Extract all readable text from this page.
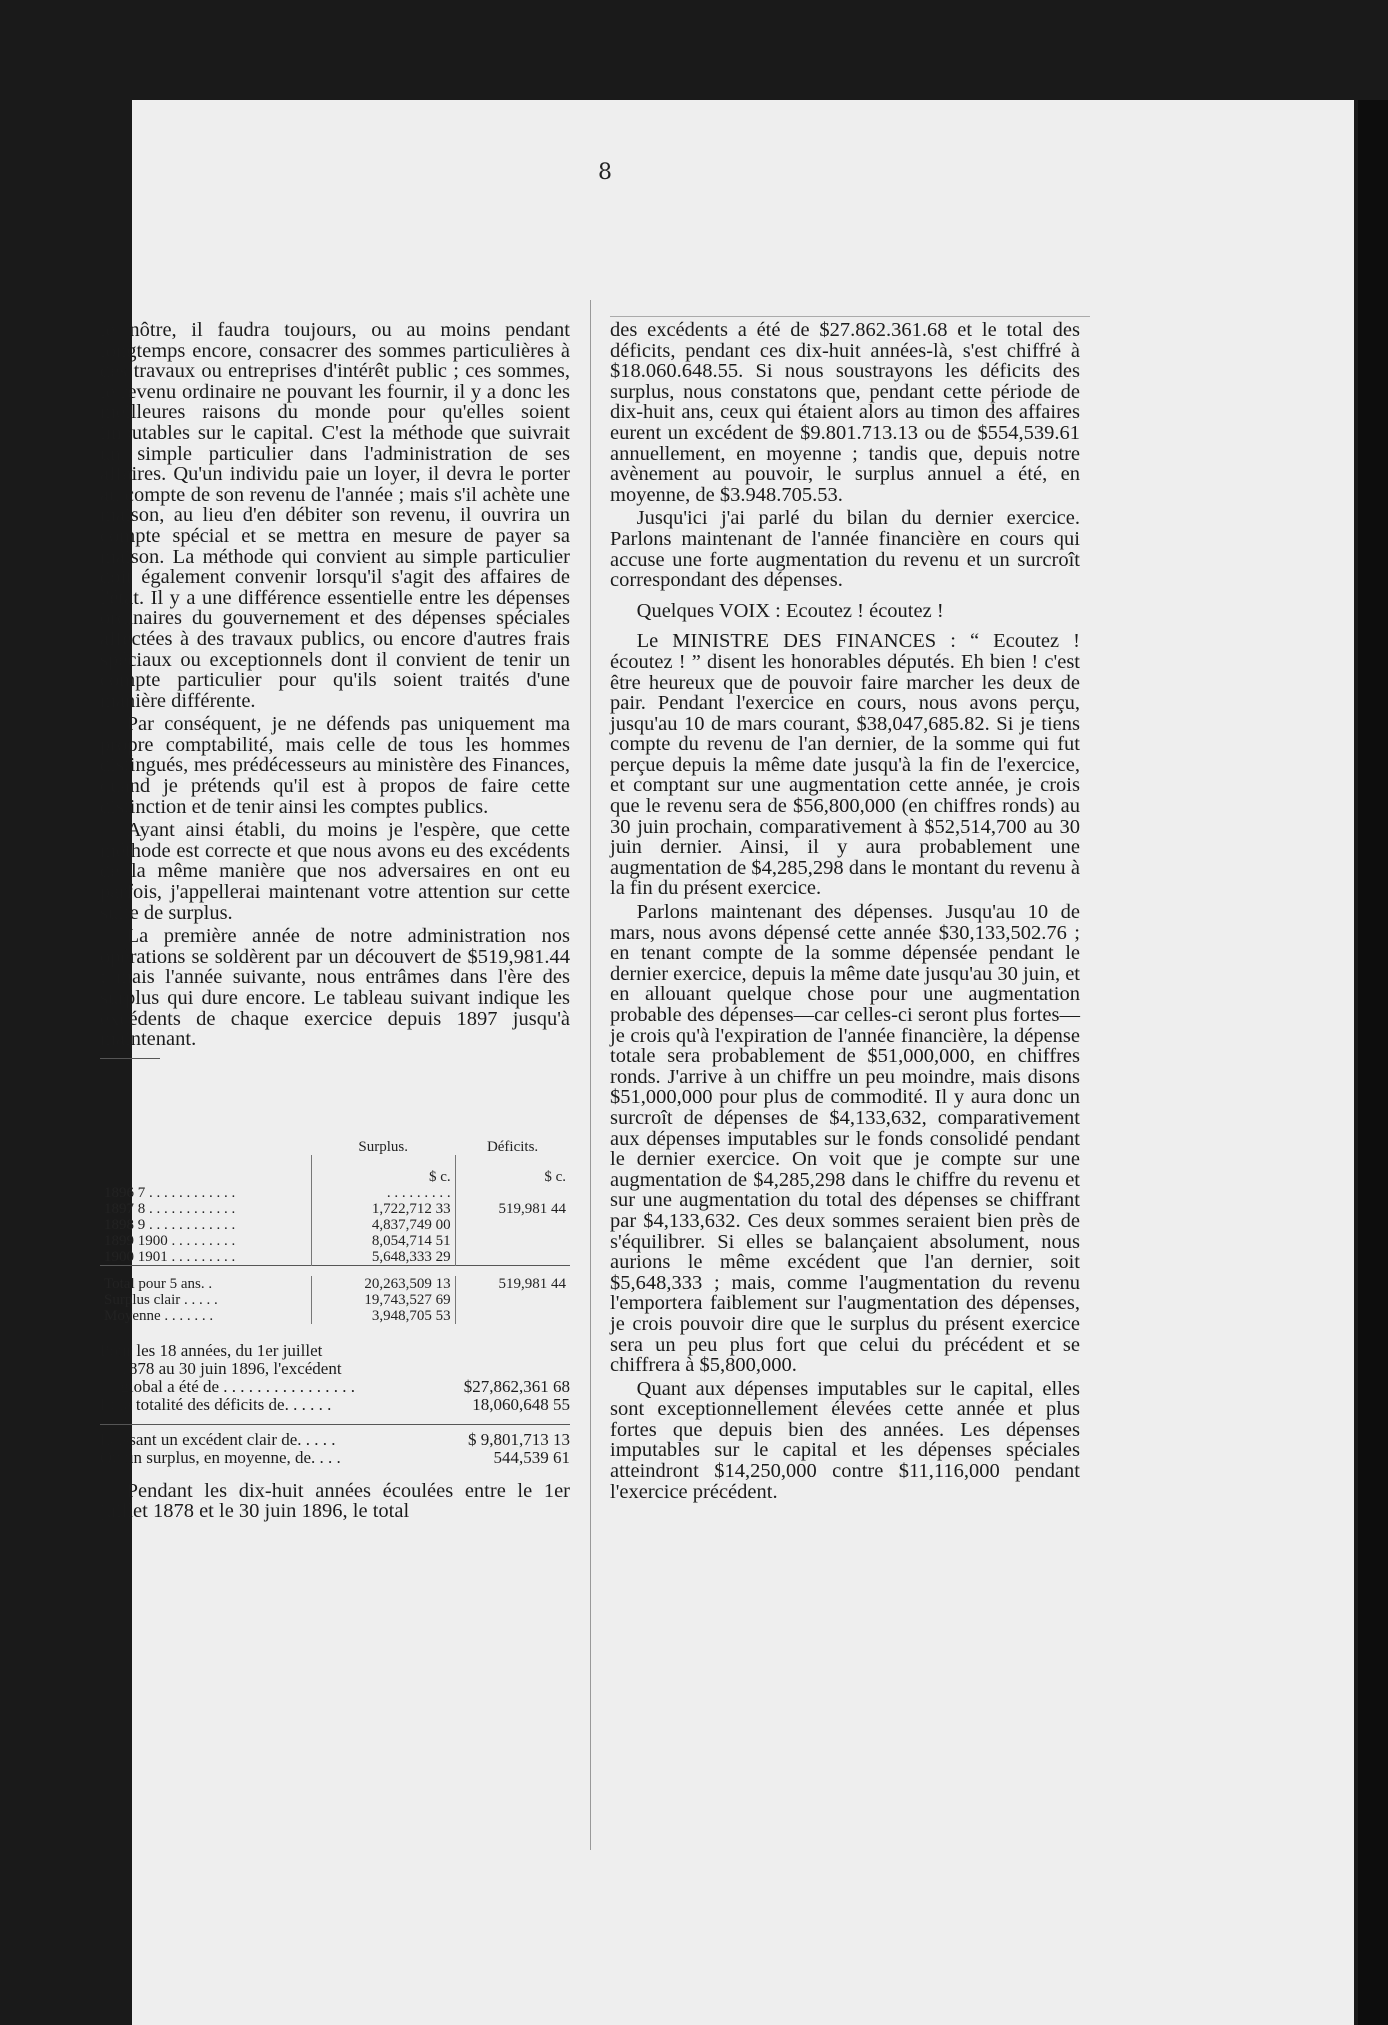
8

le nôtre, il faudra toujours, ou au moins pendant longtemps encore, consacrer des sommes particulières à des travaux ou entreprises d'intérêt public ; ces sommes, le revenu ordinaire ne pouvant les fournir, il y a donc les meilleures raisons du monde pour qu'elles soient imputables sur le capital. C'est la méthode que suivrait un simple particulier dans l'administration de ses affaires. Qu'un individu paie un loyer, il devra le porter au compte de son revenu de l'année ; mais s'il achète une maison, au lieu d'en débiter son revenu, il ouvrira un compte spécial et se mettra en mesure de payer sa maison. La méthode qui convient au simple particulier doit également convenir lorsqu'il s'agit des affaires de l'état. Il y a une différence essentielle entre les dépenses ordinaires du gouvernement et des dépenses spéciales affectées à des travaux publics, ou encore d'autres frais spéciaux ou exceptionnels dont il convient de tenir un compte particulier pour qu'ils soient traités d'une manière différente.

Par conséquent, je ne défends pas uniquement ma propre comptabilité, mais celle de tous les hommes distingués, mes prédécesseurs au ministère des Finances, quand je prétends qu'il est à propos de faire cette distinction et de tenir ainsi les comptes publics.

Ayant ainsi établi, du moins je l'espère, que cette méthode est correcte et que nous avons eu des excédents de la même manière que nos adversaires en ont eu parfois, j'appellerai maintenant votre attention sur cette suite de surplus.

La première année de notre administration nos opérations se soldèrent par un découvert de $519,981.44 ; mais l'année suivante, nous entrâmes dans l'ère des surplus qui dure encore. Le tableau suivant indique les excédents de chaque exercice depuis 1897 jusqu'à maintenant.

	Surplus.	Déficits.
	$ c.	$ c.
1896 7 . . . . . . . . . . . .	. . . . . . . . .	
1897 8 . . . . . . . . . . . .	1,722,712 33	519,981 44
1898 9 . . . . . . . . . . . .	4,837,749 00	
1899 1900 . . . . . . . . .	8,054,714 51	
1900 1901 . . . . . . . . .	5,648,333 29	

Total pour 5 ans. .	20,263,509 13	519,981 44
Surplus clair . . . . .	19,743,527 69	
Moyenne . . . . . . .	3,948,705 53	
Pour les 18 années, du 1er juillet
1878 au 30 juin 1896, l'excédent
global a été de . . . . . . . . . . . . . . . .	$27,862,361 68
Et la totalité des déficits de. . . . . .	18,060,648 55
Laissant un excédent clair de. . . . .	$ 9,801,713 13
Ou un surplus, en moyenne, de. . . .	544,539 61

Pendant les dix-huit années écoulées entre le 1er juillet 1878 et le 30 juin 1896, le total

des excédents a été de $27.862.361.68 et le total des déficits, pendant ces dix-huit années-là, s'est chiffré à $18.060.648.55. Si nous soustrayons les déficits des surplus, nous constatons que, pendant cette période de dix-huit ans, ceux qui étaient alors au timon des affaires eurent un excédent de $9.801.713.13 ou de $554,539.61 annuellement, en moyenne ; tandis que, depuis notre avènement au pouvoir, le surplus annuel a été, en moyenne, de $3.948.705.53.

Jusqu'ici j'ai parlé du bilan du dernier exercice. Parlons maintenant de l'année financière en cours qui accuse une forte augmentation du revenu et un surcroît correspondant des dépenses.

Quelques VOIX : Ecoutez ! écoutez !

Le MINISTRE DES FINANCES : “ Ecoutez ! écoutez ! ” disent les honorables députés. Eh bien ! c'est être heureux que de pouvoir faire marcher les deux de pair. Pendant l'exercice en cours, nous avons perçu, jusqu'au 10 de mars courant, $38,047,685.82. Si je tiens compte du revenu de l'an dernier, de la somme qui fut perçue depuis la même date jusqu'à la fin de l'exercice, et comptant sur une augmentation cette année, je crois que le revenu sera de $56,800,000 (en chiffres ronds) au 30 juin prochain, comparativement à $52,514,700 au 30 juin dernier. Ainsi, il y aura probablement une augmentation de $4,285,298 dans le montant du revenu à la fin du présent exercice.

Parlons maintenant des dépenses. Jusqu'au 10 de mars, nous avons dépensé cette année $30,133,502.76 ; en tenant compte de la somme dépensée pendant le dernier exercice, depuis la même date jusqu'au 30 juin, et en allouant quelque chose pour une augmentation probable des dépenses—car celles-ci seront plus fortes—je crois qu'à l'expiration de l'année financière, la dépense totale sera probablement de $51,000,000, en chiffres ronds. J'arrive à un chiffre un peu moindre, mais disons $51,000,000 pour plus de commodité. Il y aura donc un surcroît de dépenses de $4,133,632, comparativement aux dépenses imputables sur le fonds consolidé pendant le dernier exercice. On voit que je compte sur une augmentation de $4,285,298 dans le chiffre du revenu et sur une augmentation du total des dépenses se chiffrant par $4,133,632. Ces deux sommes seraient bien près de s'équilibrer. Si elles se balançaient absolument, nous aurions le même excédent que l'an dernier, soit $5,648,333 ; mais, comme l'augmentation du revenu l'emportera faiblement sur l'augmentation des dépenses, je crois pouvoir dire que le surplus du présent exercice sera un peu plus fort que celui du précédent et se chiffrera à $5,800,000.

Quant aux dépenses imputables sur le capital, elles sont exceptionnellement élevées cette année et plus fortes que depuis bien des années. Les dépenses imputables sur le capital et les dépenses spéciales atteindront $14,250,000 contre $11,116,000 pendant l'exercice précédent.
